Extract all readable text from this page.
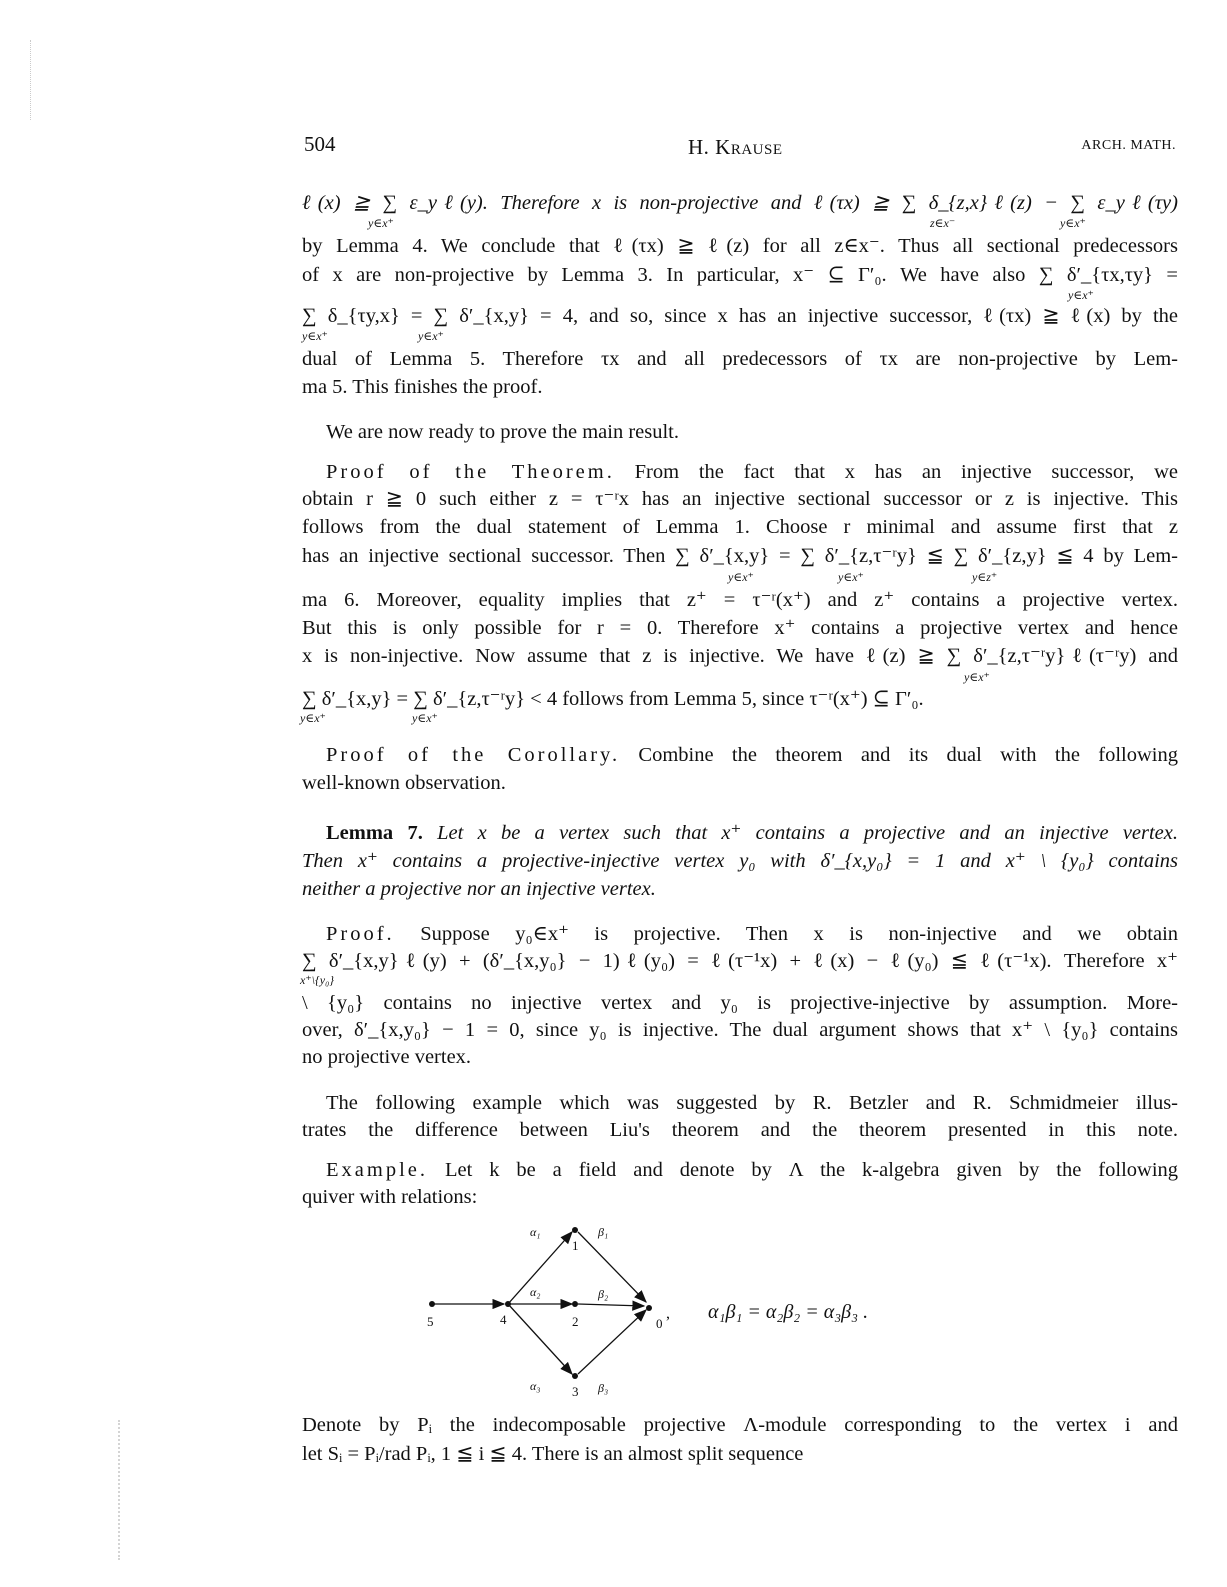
504	H. Krause	ARCH. MATH.
ℓ(x) ≧ ∑ ε_yℓ(y). Therefore x is non-projective and ℓ(τx) ≧ ∑ δ_{z,x}ℓ(z) − ∑ ε_yℓ(τy)
y∈x⁺	z∈x⁻	y∈x⁺
by Lemma 4. We conclude that ℓ(τx) ≧ ℓ(z) for all z∈x⁻. Thus all sectional predecessors
of x are non-projective by Lemma 3. In particular, x⁻ ⊆ Γ′₀. We have also ∑ δ′_{τx,τy} =
y∈x⁺
∑ δ_{τy,x} = ∑ δ′_{x,y} = 4, and so, since x has an injective successor, ℓ(τx) ≧ ℓ(x) by the
y∈x⁺	y∈x⁺
dual of Lemma 5. Therefore τx and all predecessors of τx are non-projective by Lem-
ma 5. This finishes the proof.
We are now ready to prove the main result.
Proof of the Theorem. From the fact that x has an injective successor, we
obtain r ≧ 0 such either z = τ⁻ʳx has an injective sectional successor or z is injective. This
follows from the dual statement of Lemma 1. Choose r minimal and assume first that z
has an injective sectional successor. Then ∑ δ′_{x,y} = ∑ δ′_{z,τ⁻ʳy} ≦ ∑ δ′_{z,y} ≦ 4 by Lem-
y∈x⁺	y∈x⁺	y∈z⁺
ma 6. Moreover, equality implies that z⁺ = τ⁻ʳ(x⁺) and z⁺ contains a projective vertex.
But this is only possible for r = 0. Therefore x⁺ contains a projective vertex and hence
x is non-injective. Now assume that z is injective. We have ℓ(z) ≧ ∑ δ′_{z,τ⁻ʳy}ℓ(τ⁻ʳy) and
y∈x⁺
∑ δ′_{x,y} = ∑ δ′_{z,τ⁻ʳy} < 4 follows from Lemma 5, since τ⁻ʳ(x⁺) ⊆ Γ′₀.
y∈x⁺	y∈x⁺
Proof of the Corollary. Combine the theorem and its dual with the following
well-known observation.
Lemma 7. Let x be a vertex such that x⁺ contains a projective and an injective vertex.
Then x⁺ contains a projective-injective vertex y₀ with δ′_{x,y₀} = 1 and x⁺ \ {y₀} contains
neither a projective nor an injective vertex.
Proof. Suppose y₀∈x⁺ is projective. Then x is non-injective and we obtain
∑ δ′_{x,y}ℓ(y) + (δ′_{x,y₀} − 1)ℓ(y₀) = ℓ(τ⁻¹x) + ℓ(x) − ℓ(y₀) ≦ ℓ(τ⁻¹x). Therefore x⁺
x⁺\{y₀}
\ {y₀} contains no injective vertex and y₀ is projective-injective by assumption. More-
over, δ′_{x,y₀} − 1 = 0, since y₀ is injective. The dual argument shows that x⁺ \ {y₀} contains
no projective vertex.
The following example which was suggested by R. Betzler and R. Schmidmeier illus-
trates the difference between Liu's theorem and the theorem presented in this note.
Example. Let k be a field and denote by Λ the k-algebra given by the following
quiver with relations:
5	4
1
2
3
0
,
α₁
α₂
α₃
β₁
β₂
β₃
α₁β₁ = α₂β₂ = α₃β₃ .
Denote by Pᵢ the indecomposable projective Λ-module corresponding to the vertex i and
let Sᵢ = Pᵢ/rad Pᵢ, 1 ≦ i ≦ 4. There is an almost split sequence
